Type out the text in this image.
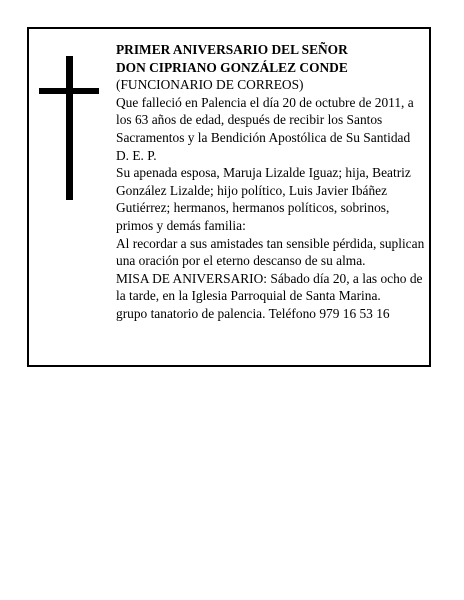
PRIMER ANIVERSARIO DEL SEÑOR

DON CIPRIANO GONZÁLEZ CONDE

(FUNCIONARIO DE CORREOS)

Que falleció en Palencia el día 20 de octubre de 2011, a los 63 años de edad, después de recibir los Santos Sacramentos y la Bendición Apostólica de Su Santidad D. E. P.

Su apenada esposa, Maruja Lizalde Iguaz; hija, Beatriz González Lizalde; hijo político, Luis Javier Ibáñez Gutiérrez; hermanos, hermanos políticos, sobrinos, primos y demás familia:

Al recordar a sus amistades tan sensible pérdida, suplican una oración por el eterno descanso de su alma.

MISA DE ANIVERSARIO: Sábado día 20, a las ocho de la tarde, en la Iglesia Parroquial de Santa Marina.

grupo tanatorio de palencia. Teléfono 979 16 53 16
